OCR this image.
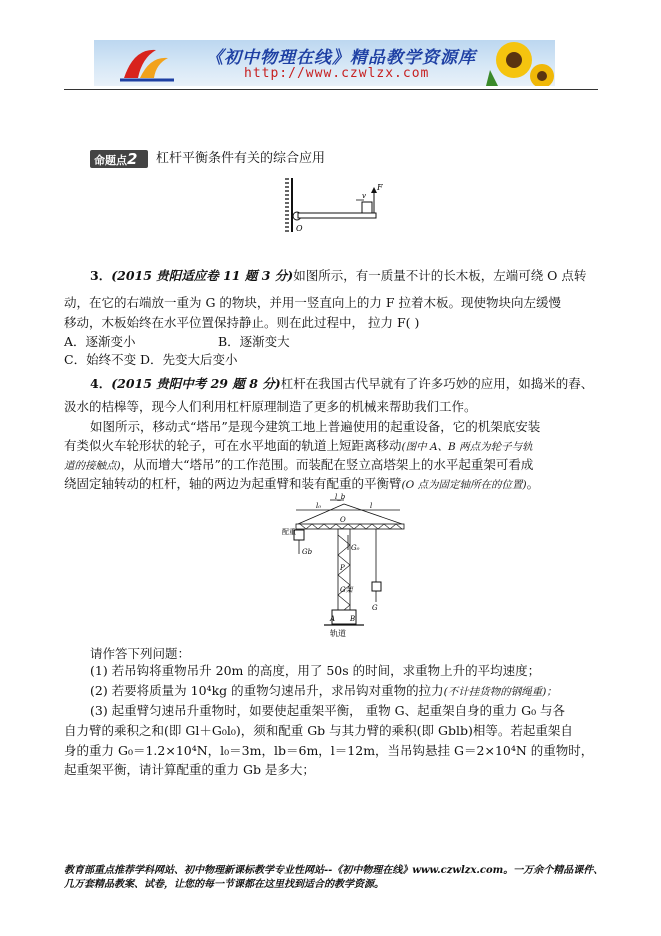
《初中物理在线》精品教学资源库
http://www.czwlzx.com
命题点2	杠杆平衡条件有关的综合应用
F
v
O
3．(2015 贵阳适应卷 11 题 3 分)如图所示，有一质量不计的长木板，左端可绕 O 点转
动，在它的右端放一重为 G 的物块，并用一竖直向上的力 F 拉着木板。现使物块向左缓慢
移动，木板始终在水平位置保持静止。则在此过程中， 拉力 F( )
A．逐渐变小	B．逐渐变大
C．始终不变 D．先变大后变小
4．(2015 贵阳中考 29 题 8 分)杠杆在我国古代早就有了许多巧妙的应用，如捣米的舂、
汲水的桔槔等，现今人们利用杠杆原理制造了更多的机械来帮助我们工作。
如图所示，移动式“塔吊”是现今建筑工地上普遍使用的起重设备，它的机架底安装
有类似火车轮形状的轮子，可在水平地面的轨道上短距离移动(图中 A、B 两点为轮子与轨
道的接触点)，从而增大“塔吊”的工作范围。而装配在竖立高塔架上的水平起重架可看成
绕固定轴转动的杠杆，轴的两边为起重臂和装有配重的平衡臂(O 点为固定轴所在的位置)。
l_b
l₀	l
配重
Gb
O
G₀
P
G架
A B
轨道
G
请作答下列问题：
(1) 若吊钩将重物吊升 20m 的高度，用了 50s 的时间，求重物上升的平均速度；
(2) 若要将质量为 10⁴kg 的重物匀速吊升，求吊钩对重物的拉力(不计挂货物的钢绳重)；
(3) 起重臂匀速吊升重物时，如要使起重架平衡， 重物 G、起重架自身的重力 G₀ 与各
自力臂的乘积之和(即 Gl＋G₀l₀)，须和配重 Gb 与其力臂的乘积(即 Gblb)相等。若起重架自
身的重力 G₀＝1.2×10⁴N，l₀＝3m，lb＝6m，l＝12m，当吊钩悬挂 G＝2×10⁴N 的重物时，
起重架平衡，请计算配重的重力 Gb 是多大；
教育部重点推荐学科网站、初中物理新课标教学专业性网站--《初中物理在线》www.czwlzx.com。一万余个精品课件、
几万套精品教案、试卷，让您的每一节课都在这里找到适合的教学资源。
